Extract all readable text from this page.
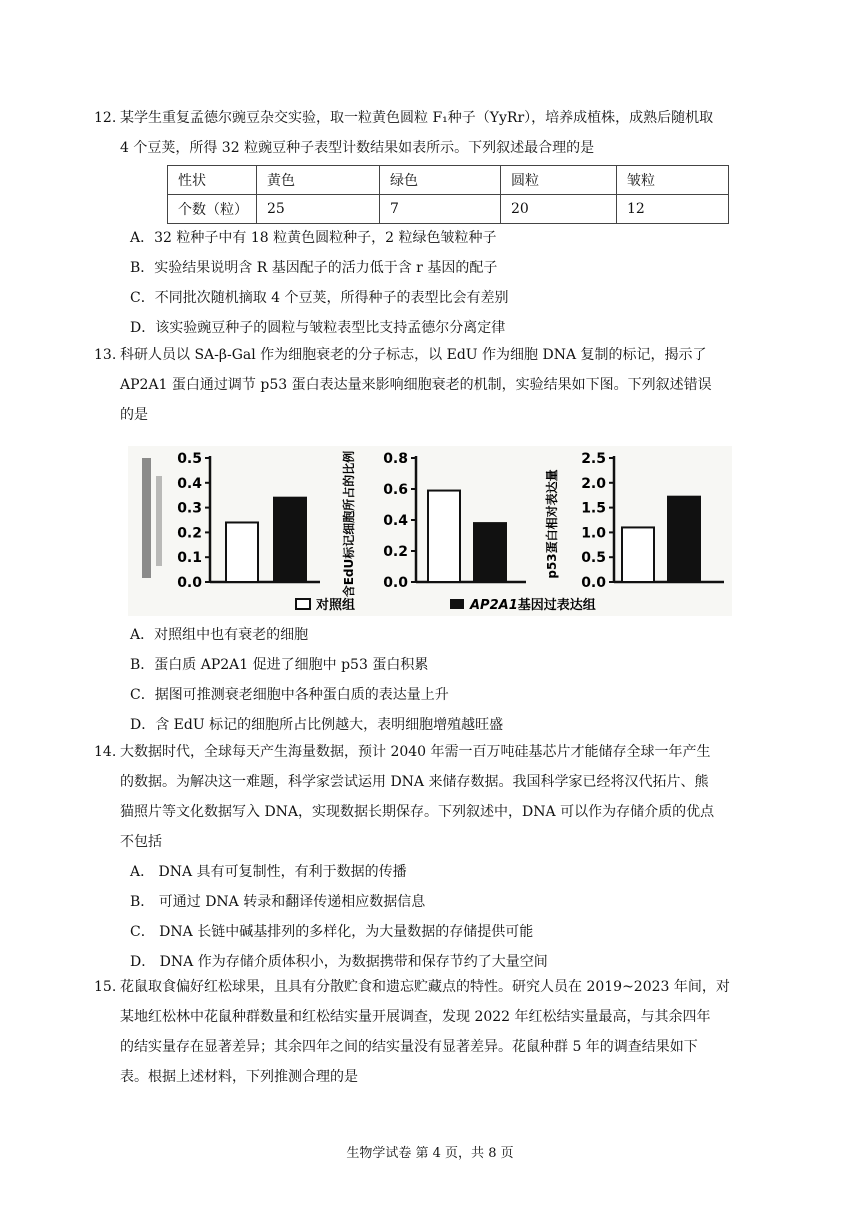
12. 某学生重复孟德尔豌豆杂交实验，取一粒黄色圆粒 F₁种子（YyRr），培养成植株，成熟后随机取

4 个豆荚，所得 32 粒豌豆种子表型计数结果如表所示。下列叙述最合理的是

性状	黄色	绿色	圆粒	皱粒
个数（粒）	25	7	20	12

A．32 粒种子中有 18 粒黄色圆粒种子，2 粒绿色皱粒种子

B．实验结果说明含 R 基因配子的活力低于含 r 基因的配子

C．不同批次随机摘取 4 个豆荚，所得种子的表型比会有差别

D．该实验豌豆种子的圆粒与皱粒表型比支持孟德尔分离定律

13. 科研人员以 SA-β-Gal 作为细胞衰老的分子标志，以 EdU 作为细胞 DNA 复制的标记，揭示了

AP2A1 蛋白通过调节 p53 蛋白表达量来影响细胞衰老的机制，实验结果如下图。下列叙述错误

的是

0.5
0.4
0.3
0.2
0.1
0.0	含EdU标记细胞所占的比例 0.8
0.6
0.4
0.2
0.0
p53蛋白相对表达量
2.5
2.0
1.5
1.0
0.5
0.0
对照组	AP2A1基因过表达组

A．对照组中也有衰老的细胞

B．蛋白质 AP2A1 促进了细胞中 p53 蛋白积累

C．据图可推测衰老细胞中各种蛋白质的表达量上升

D．含 EdU 标记的细胞所占比例越大，表明细胞增殖越旺盛

14. 大数据时代，全球每天产生海量数据，预计 2040 年需一百万吨硅基芯片才能储存全球一年产生

的数据。为解决这一难题，科学家尝试运用 DNA 来储存数据。我国科学家已经将汉代拓片、熊

猫照片等文化数据写入 DNA，实现数据长期保存。下列叙述中，DNA 可以作为存储介质的优点

不包括

A． DNA 具有可复制性，有利于数据的传播

B． 可通过 DNA 转录和翻译传递相应数据信息

C． DNA 长链中碱基排列的多样化，为大量数据的存储提供可能

D． DNA 作为存储介质体积小，为数据携带和保存节约了大量空间

15. 花鼠取食偏好红松球果，且具有分散贮食和遗忘贮藏点的特性。研究人员在 2019~2023 年间，对

某地红松林中花鼠种群数量和红松结实量开展调查，发现 2022 年红松结实量最高，与其余四年

的结实量存在显著差异；其余四年之间的结实量没有显著差异。花鼠种群 5 年的调查结果如下

表。根据上述材料，下列推测合理的是

生物学试卷 第 4 页，共 8 页
